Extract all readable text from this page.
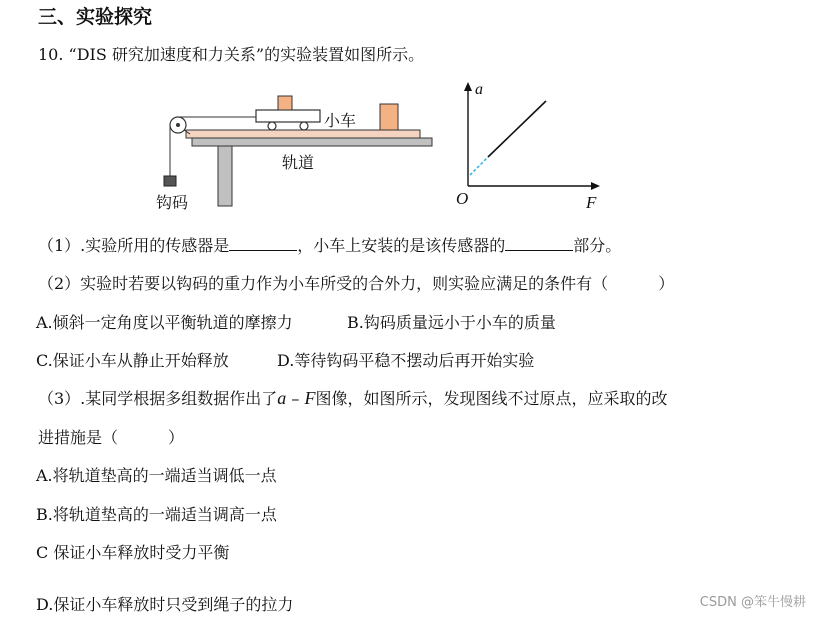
三、实验探究
10. “DIS 研究加速度和力关系”的实验装置如图所示。
钩码
小车
轨道
a
F
O
（1）.实验所用的传感器是	，小车上安装的是该传感器的	部分。
（2）实验时若要以钩码的重力作为小车所受的合外力，则实验应满足的条件有（	）
A.倾斜一定角度以平衡轨道的摩擦力	B.钩码质量远小于小车的质量
C.保证小车从静止开始释放	D.等待钩码平稳不摆动后再开始实验
（3）.某同学根据多组数据作出了a – F图像，如图所示，发现图线不过原点，应采取的改
进措施是（	）
A.将轨道垫高的一端适当调低一点
B.将轨道垫高的一端适当调高一点
C 保证小车释放时受力平衡
D.保证小车释放时只受到绳子的拉力	CSDN @笨牛慢耕
